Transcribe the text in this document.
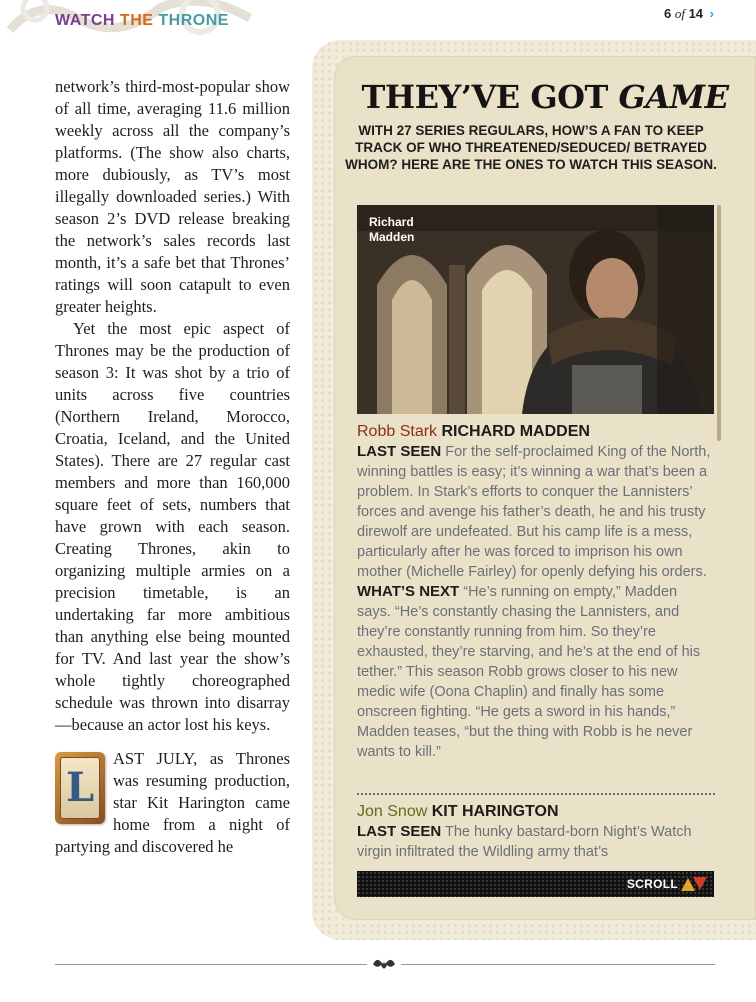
WATCH THE THRONE	6 of 14 ›

network’s third-most-popular show of all time, averaging 11.6 million weekly across all the company’s platforms. (The show also charts, more dubiously, as TV’s most illegally downloaded series.) With season 2’s DVD release breaking the network’s sales records last month, it’s a safe bet that Thrones’ ratings will soon catapult to even greater heights.

Yet the most epic aspect of Thrones may be the production of season 3: It was shot by a trio of units across five countries (Northern Ireland, Morocco, Croatia, Iceland, and the United States). There are 27 regular cast members and more than 160,000 square feet of sets, numbers that have grown with each season. Creating Thrones, akin to organizing multiple armies on a precision timetable, is an undertaking far more ambitious than anything else being mounted for TV. And last year the show’s whole tightly choreographed schedule was thrown into disarray—because an actor lost his keys.

L

AST JULY, as Thrones was resuming production, star Kit Harington came home from a night of partying and discovered he

THEY’VE GOT GAME
WITH 27 SERIES REGULARS, HOW’S A FAN TO KEEP TRACK OF WHO THREATENED/SEDUCED/ BETRAYED WHOM? HERE ARE THE ONES TO WATCH THIS SEASON.
Richard
Madden
Robb Stark RICHARD MADDEN
LAST SEEN For the self-proclaimed King of the North, winning battles is easy; it’s winning a war that’s been a problem. In Stark’s efforts to conquer the Lannisters’ forces and avenge his father’s death, he and his trusty direwolf are undefeated. But his camp life is a mess, particularly after he was forced to imprison his own mother (Michelle Fairley) for openly defying his orders.
WHAT’S NEXT “He’s running on empty,” Madden says. “He’s constantly chasing the Lannisters, and they’re constantly running from him. So they’re exhausted, they’re starving, and he’s at the end of his tether.” This season Robb grows closer to his new medic wife (Oona Chaplin) and finally has some onscreen fighting. “He gets a sword in his hands,” Madden teases, “but the thing with Robb is he never wants to kill.”
Jon Snow KIT HARINGTON
LAST SEEN The hunky bastard-born Night’s Watch virgin infiltrated the Wildling army that’s
SCROLL
